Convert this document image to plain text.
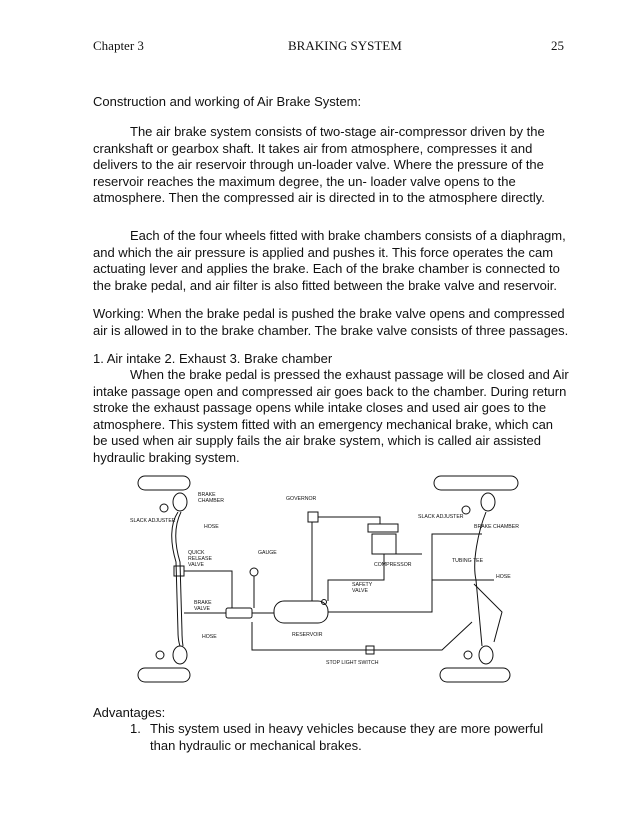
Chapter 3	BRAKING SYSTEM	25

Construction and working of Air Brake System:

The air brake system consists of two-stage air-compressor driven by the crankshaft or gearbox shaft. It takes air from atmosphere, compresses it and delivers to the air reservoir through un-loader valve. Where the pressure of the reservoir reaches the maximum degree, the un- loader valve opens to the atmosphere. Then the compressed air is directed in to the atmosphere directly.

Each of the four wheels fitted with brake chambers consists of a diaphragm, and which the air pressure is applied and pushes it. This force operates the cam actuating lever and applies the brake. Each of the brake chamber is connected to the brake pedal, and air filter is also fitted between the brake valve and reservoir.

Working: When the brake pedal is pushed the brake valve opens and compressed air is allowed in to the brake chamber. The brake valve consists of three passages.

1. Air intake 2. Exhaust 3. Brake chamber

When the brake pedal is pressed the exhaust passage will be closed and Air intake passage open and compressed air goes back to the chamber. During return stroke the exhaust passage opens while intake closes and used air goes to the atmosphere. This system fitted with an emergency mechanical brake, which can be used when air supply fails the air brake system, which is called air assisted hydraulic braking system.

BRAKE
CHAMBER
SLACK ADJUSTER
HOSE
QUICK
RELEASE
VALVE
GAUGE
GOVERNOR
COMPRESSOR
SAFETY
VALVE
BRAKE
VALVE
RESERVOIR
HOSE
STOP LIGHT SWITCH
SLACK ADJUSTER
BRAKE CHAMBER
TUBING TEE
HOSE

Advantages:

1. This system used in heavy vehicles because they are more powerful than hydraulic or mechanical brakes.
